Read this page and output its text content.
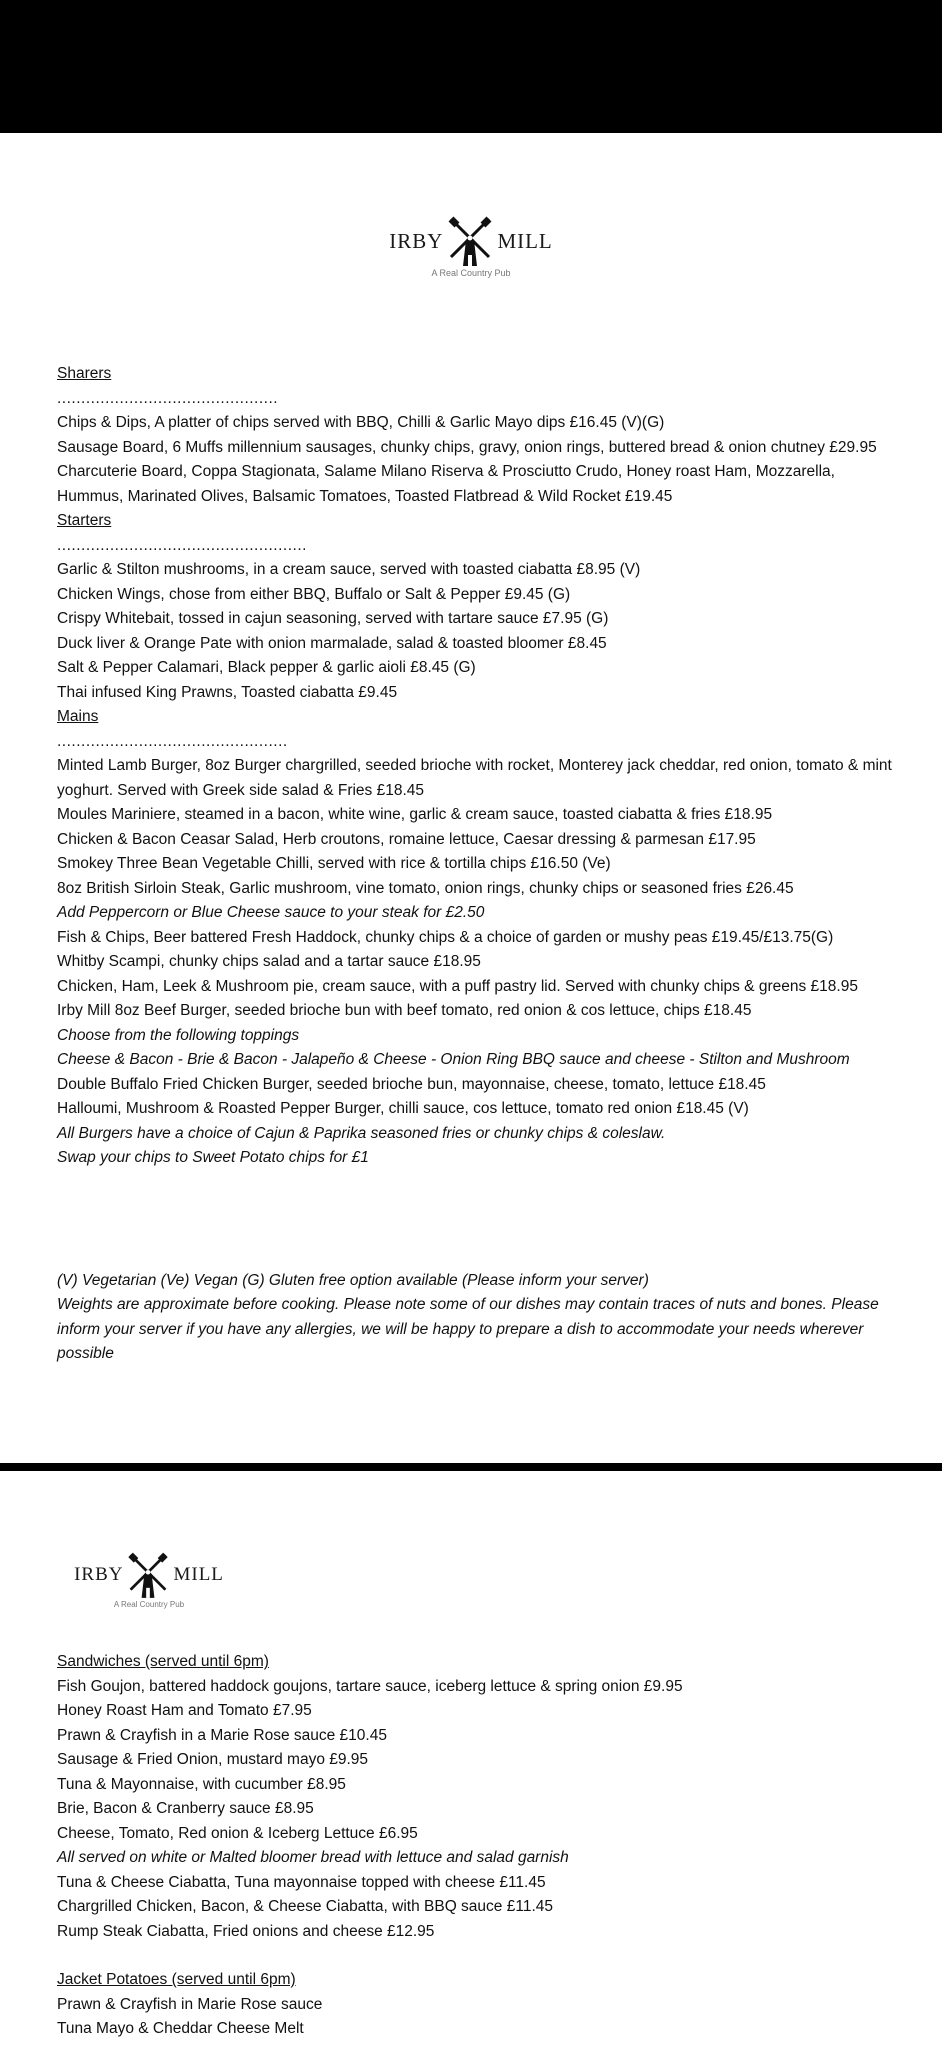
IRBY	MILL
A Real Country Pub

Sharers

..............................................

Chips & Dips, A platter of chips served with BBQ, Chilli & Garlic Mayo dips £16.45 (V)(G)

Sausage Board, 6 Muffs millennium sausages, chunky chips, gravy, onion rings, buttered bread & onion chutney £29.95

Charcuterie Board, Coppa Stagionata, Salame Milano Riserva & Prosciutto Crudo, Honey roast Ham, Mozzarella, Hummus, Marinated Olives, Balsamic Tomatoes, Toasted Flatbread & Wild Rocket £19.45

Starters

....................................................

Garlic & Stilton mushrooms, in a cream sauce, served with toasted ciabatta £8.95 (V)

Chicken Wings, chose from either BBQ, Buffalo or Salt & Pepper £9.45 (G)

Crispy Whitebait, tossed in cajun seasoning, served with tartare sauce £7.95 (G)

Duck liver & Orange Pate with onion marmalade, salad & toasted bloomer £8.45

Salt & Pepper Calamari, Black pepper & garlic aioli £8.45 (G)

Thai infused King Prawns, Toasted ciabatta £9.45

Mains

................................................

Minted Lamb Burger, 8oz Burger chargrilled, seeded brioche with rocket, Monterey jack cheddar, red onion, tomato & mint yoghurt. Served with Greek side salad & Fries £18.45

Moules Mariniere, steamed in a bacon, white wine, garlic & cream sauce, toasted ciabatta & fries £18.95

Chicken & Bacon Ceasar Salad, Herb croutons, romaine lettuce, Caesar dressing & parmesan £17.95

Smokey Three Bean Vegetable Chilli, served with rice & tortilla chips £16.50 (Ve)

8oz British Sirloin Steak, Garlic mushroom, vine tomato, onion rings, chunky chips or seasoned fries £26.45

Add Peppercorn or Blue Cheese sauce to your steak for £2.50

Fish & Chips, Beer battered Fresh Haddock, chunky chips & a choice of garden or mushy peas £19.45/£13.75(G)

Whitby Scampi, chunky chips salad and a tartar sauce £18.95

Chicken, Ham, Leek & Mushroom pie, cream sauce, with a puff pastry lid. Served with chunky chips & greens £18.95

Irby Mill 8oz Beef Burger, seeded brioche bun with beef tomato, red onion & cos lettuce, chips £18.45

Choose from the following toppings

Cheese & Bacon - Brie & Bacon - Jalapeño & Cheese - Onion Ring BBQ sauce and cheese - Stilton and Mushroom

Double Buffalo Fried Chicken Burger, seeded brioche bun, mayonnaise, cheese, tomato, lettuce £18.45

Halloumi, Mushroom & Roasted Pepper Burger, chilli sauce, cos lettuce, tomato red onion £18.45 (V)

All Burgers have a choice of Cajun & Paprika seasoned fries or chunky chips & coleslaw.

Swap your chips to Sweet Potato chips for £1

(V) Vegetarian (Ve) Vegan (G) Gluten free option available (Please inform your server)

Weights are approximate before cooking. Please note some of our dishes may contain traces of nuts and bones. Please inform your server if you have any allergies, we will be happy to prepare a dish to accommodate your needs wherever possible

IRBY	MILL
A Real Country Pub

Sandwiches (served until 6pm)

Fish Goujon, battered haddock goujons, tartare sauce, iceberg lettuce & spring onion £9.95

Honey Roast Ham and Tomato £7.95

Prawn & Crayfish in a Marie Rose sauce £10.45

Sausage & Fried Onion, mustard mayo £9.95

Tuna & Mayonnaise, with cucumber £8.95

Brie, Bacon & Cranberry sauce £8.95

Cheese, Tomato, Red onion & Iceberg Lettuce £6.95

All served on white or Malted bloomer bread with lettuce and salad garnish

Tuna & Cheese Ciabatta, Tuna mayonnaise topped with cheese £11.45

Chargrilled Chicken, Bacon, & Cheese Ciabatta, with BBQ sauce £11.45

Rump Steak Ciabatta, Fried onions and cheese £12.95

Jacket Potatoes (served until 6pm)

Prawn & Crayfish in Marie Rose sauce

Tuna Mayo & Cheddar Cheese Melt
